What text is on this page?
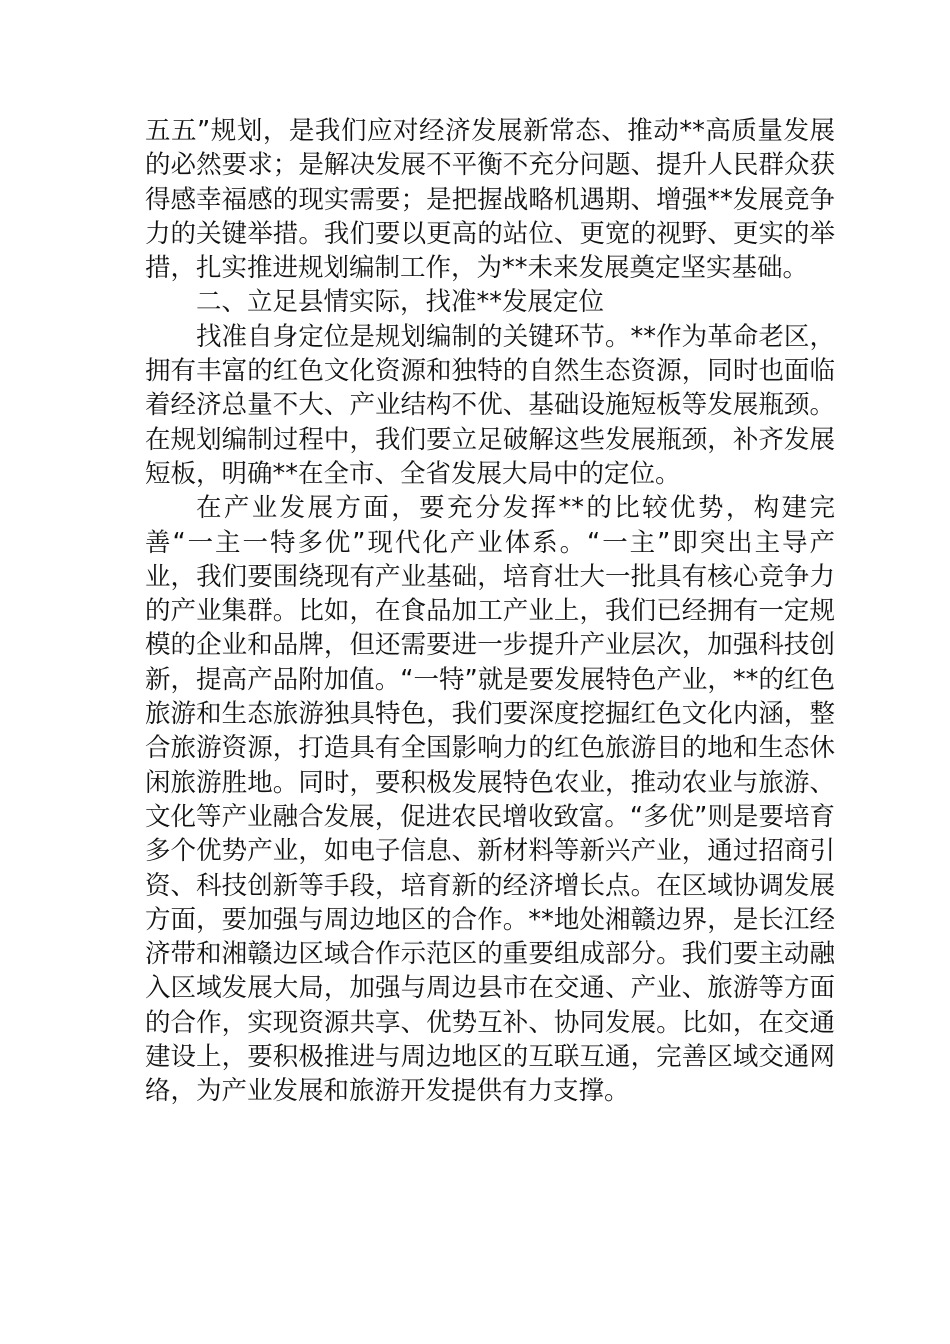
五五”规划，是我们应对经济发展新常态、推动**高质量发展的必然要求；是解决发展不平衡不充分问题、提升人民群众获得感幸福感的现实需要；是把握战略机遇期、增强**发展竞争力的关键举措。我们要以更高的站位、更宽的视野、更实的举措，扎实推进规划编制工作，为**未来发展奠定坚实基础。

二、立足县情实际，找准**发展定位

找准自身定位是规划编制的关键环节。**作为革命老区，拥有丰富的红色文化资源和独特的自然生态资源，同时也面临着经济总量不大、产业结构不优、基础设施短板等发展瓶颈。在规划编制过程中，我们要立足破解这些发展瓶颈，补齐发展短板，明确**在全市、全省发展大局中的定位。

在产业发展方面，要充分发挥**的比较优势，构建完善“一主一特多优”现代化产业体系。“一主”即突出主导产业，我们要围绕现有产业基础，培育壮大一批具有核心竞争力的产业集群。比如，在食品加工产业上，我们已经拥有一定规模的企业和品牌，但还需要进一步提升产业层次，加强科技创新，提高产品附加值。“一特”就是要发展特色产业，**的红色旅游和生态旅游独具特色，我们要深度挖掘红色文化内涵，整合旅游资源，打造具有全国影响力的红色旅游目的地和生态休闲旅游胜地。同时，要积极发展特色农业，推动农业与旅游、文化等产业融合发展，促进农民增收致富。“多优”则是要培育多个优势产业，如电子信息、新材料等新兴产业，通过招商引资、科技创新等手段，培育新的经济增长点。在区域协调发展方面，要加强与周边地区的合作。**地处湘赣边界，是长江经济带和湘赣边区域合作示范区的重要组成部分。我们要主动融入区域发展大局，加强与周边县市在交通、产业、旅游等方面的合作，实现资源共享、优势互补、协同发展。比如，在交通建设上，要积极推进与周边地区的互联互通，完善区域交通网络，为产业发展和旅游开发提供有力支撑。
